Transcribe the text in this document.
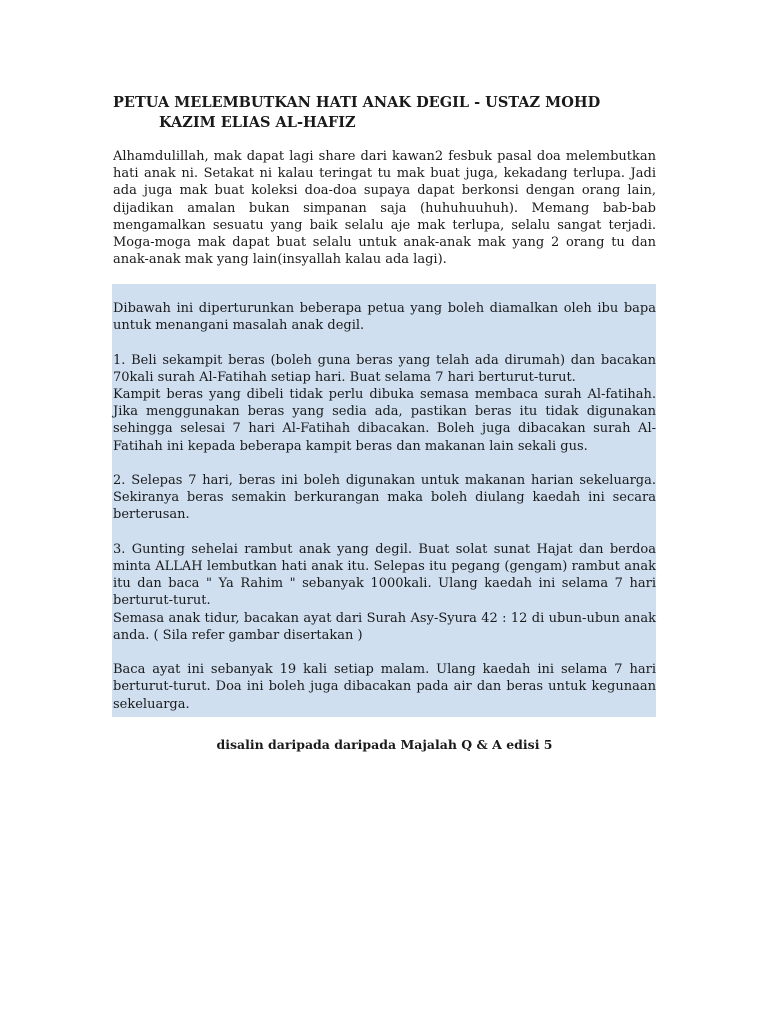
PETUA MELEMBUTKAN HATI ANAK DEGIL - USTAZ MOHD
KAZIM ELIAS AL-HAFIZ

Alhamdulillah, mak dapat lagi share dari kawan2 fesbuk pasal doa melembutkan hati anak ni. Setakat ni kalau teringat tu mak buat juga, kekadang terlupa. Jadi ada juga mak buat koleksi doa-doa supaya dapat berkonsi dengan orang lain, dijadikan amalan bukan simpanan saja (huhuhuuhuh). Memang bab-bab mengamalkan sesuatu yang baik selalu aje mak terlupa, selalu sangat terjadi. Moga-moga mak dapat buat selalu untuk anak-anak mak yang 2 orang tu dan anak-anak mak yang lain(insyallah kalau ada lagi).

Dibawah ini diperturunkan beberapa petua yang boleh diamalkan oleh ibu bapa untuk menangani masalah anak degil.

1. Beli sekampit beras (boleh guna beras yang telah ada dirumah) dan bacakan 70kali surah Al-Fatihah setiap hari. Buat selama 7 hari berturut-turut.
Kampit beras yang dibeli tidak perlu dibuka semasa membaca surah Al-fatihah. Jika menggunakan beras yang sedia ada, pastikan beras itu tidak digunakan sehingga selesai 7 hari Al-Fatihah dibacakan. Boleh juga dibacakan surah Al-Fatihah ini kepada beberapa kampit beras dan makanan lain sekali gus.

2. Selepas 7 hari, beras ini boleh digunakan untuk makanan harian sekeluarga. Sekiranya beras semakin berkurangan maka boleh diulang kaedah ini secara berterusan.

3. Gunting sehelai rambut anak yang degil. Buat solat sunat Hajat dan berdoa minta ALLAH lembutkan hati anak itu. Selepas itu pegang (gengam) rambut anak itu dan baca " Ya Rahim " sebanyak 1000kali. Ulang kaedah ini selama 7 hari berturut-turut.
Semasa anak tidur, bacakan ayat dari Surah Asy-Syura 42 : 12 di ubun-ubun anak anda. ( Sila refer gambar disertakan )

Baca ayat ini sebanyak 19 kali setiap malam. Ulang kaedah ini selama 7 hari berturut-turut. Doa ini boleh juga dibacakan pada air dan beras untuk kegunaan sekeluarga.

disalin daripada daripada Majalah Q & A edisi 5
